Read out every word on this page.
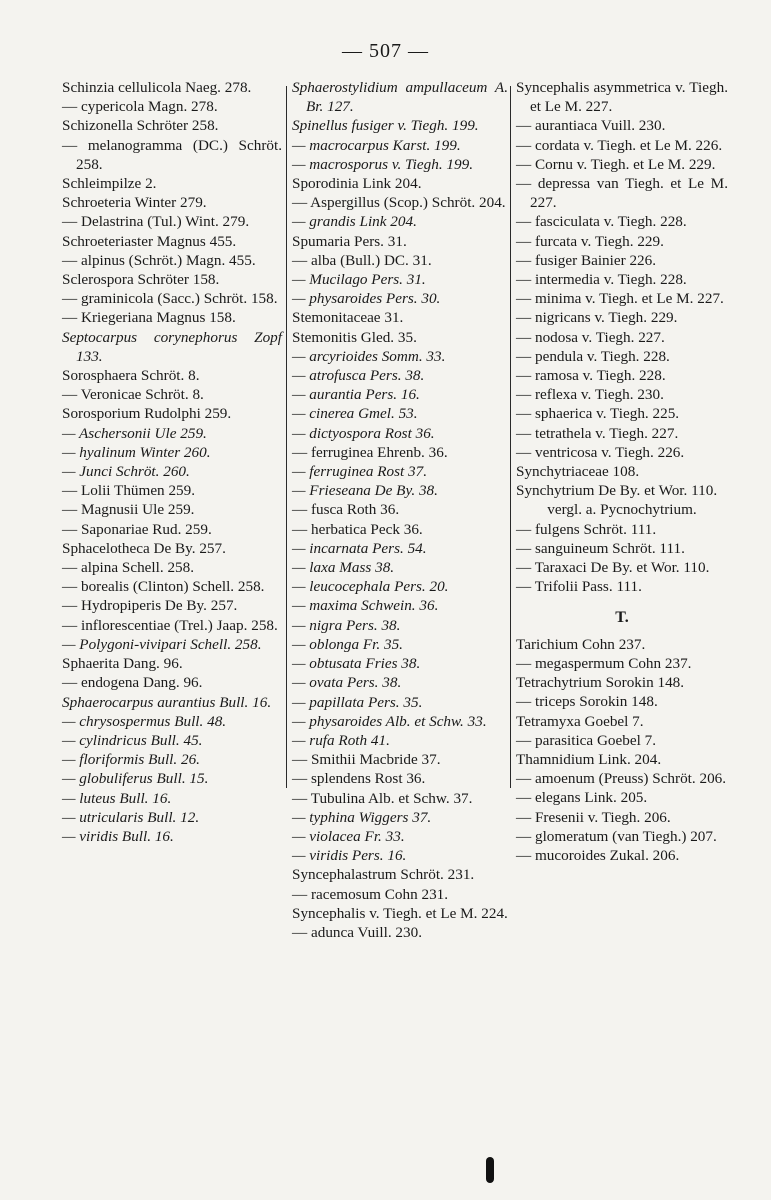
— 507 —
Schinzia cellulicola Naeg. 278.
— cypericola Magn. 278.
Schizonella Schröter 258.
— melanogramma (DC.) Schröt. 258.
Schleimpilze 2.
Schroeteria Winter 279.
— Delastrina (Tul.) Wint. 279.
Schroeteriaster Magnus 455.
— alpinus (Schröt.) Magn. 455.
Sclerospora Schröter 158.
— graminicola (Sacc.) Schröt. 158.
— Kriegeriana Magnus 158.
Septocarpus corynephorus Zopf 133.
Sorosphaera Schröt. 8.
— Veronicae Schröt. 8.
Sorosporium Rudolphi 259.
— Aschersonii Ule 259.
— hyalinum Winter 260.
— Junci Schröt. 260.
— Lolii Thümen 259.
— Magnusii Ule 259.
— Saponariae Rud. 259.
Sphacelotheca De By. 257.
— alpina Schell. 258.
— borealis (Clinton) Schell. 258.
— Hydropiperis De By. 257.
— inflorescentiae (Trel.) Jaap. 258.
— Polygoni-vivipari Schell. 258.
Sphaerita Dang. 96.
— endogena Dang. 96.
Sphaerocarpus aurantius Bull. 16.
— chrysospermus Bull. 48.
— cylindricus Bull. 45.
— floriformis Bull. 26.
— globuliferus Bull. 15.
— luteus Bull. 16.
— utricularis Bull. 12.
— viridis Bull. 16.
Sphaerostylidium ampullaceum A. Br. 127.
Spinellus fusiger v. Tiegh. 199.
— macrocarpus Karst. 199.
— macrosporus v. Tiegh. 199.
Sporodinia Link 204.
— Aspergillus (Scop.) Schröt. 204.
— grandis Link 204.
Spumaria Pers. 31.
— alba (Bull.) DC. 31.
— Mucilago Pers. 31.
— physaroides Pers. 30.
Stemonitaceae 31.
Stemonitis Gled. 35.
— arcyrioides Somm. 33.
— atrofusca Pers. 38.
— aurantia Pers. 16.
— cinerea Gmel. 53.
— dictyospora Rost 36.
— ferruginea Ehrenb. 36.
— ferruginea Rost 37.
— Frieseana De By. 38.
— fusca Roth 36.
— herbatica Peck 36.
— incarnata Pers. 54.
— laxa Mass 38.
— leucocephala Pers. 20.
— maxima Schwein. 36.
— nigra Pers. 38.
— oblonga Fr. 35.
— obtusata Fries 38.
— ovata Pers. 38.
— papillata Pers. 35.
— physaroides Alb. et Schw. 33.
— rufa Roth 41.
— Smithii Macbride 37.
— splendens Rost 36.
— Tubulina Alb. et Schw. 37.
— typhina Wiggers 37.
— violacea Fr. 33.
— viridis Pers. 16.
Syncephalastrum Schröt. 231.
— racemosum Cohn 231.
Syncephalis v. Tiegh. et Le M. 224.
— adunca Vuill. 230.
Syncephalis asymmetrica v. Tiegh. et Le M. 227.
— aurantiaca Vuill. 230.
— cordata v. Tiegh. et Le M. 226.
— Cornu v. Tiegh. et Le M. 229.
— depressa van Tiegh. et Le M. 227.
— fasciculata v. Tiegh. 228.
— furcata v. Tiegh. 229.
— fusiger Bainier 226.
— intermedia v. Tiegh. 228.
— minima v. Tiegh. et Le M. 227.
— nigricans v. Tiegh. 229.
— nodosa v. Tiegh. 227.
— pendula v. Tiegh. 228.
— ramosa v. Tiegh. 228.
— reflexa v. Tiegh. 230.
— sphaerica v. Tiegh. 225.
— tetrathela v. Tiegh. 227.
— ventricosa v. Tiegh. 226.
Synchytriaceae 108.
Synchytrium De By. et Wor. 110.
vergl. a. Pycnochytrium.
— fulgens Schröt. 111.
— sanguineum Schröt. 111.
— Taraxaci De By. et Wor. 110.
— Trifolii Pass. 111.
T.
Tarichium Cohn 237.
— megaspermum Cohn 237.
Tetrachytrium Sorokin 148.
— triceps Sorokin 148.
Tetramyxa Goebel 7.
— parasitica Goebel 7.
Thamnidium Link. 204.
— amoenum (Preuss) Schröt. 206.
— elegans Link. 205.
— Fresenii v. Tiegh. 206.
— glomeratum (van Tiegh.) 207.
— mucoroides Zukal. 206.
